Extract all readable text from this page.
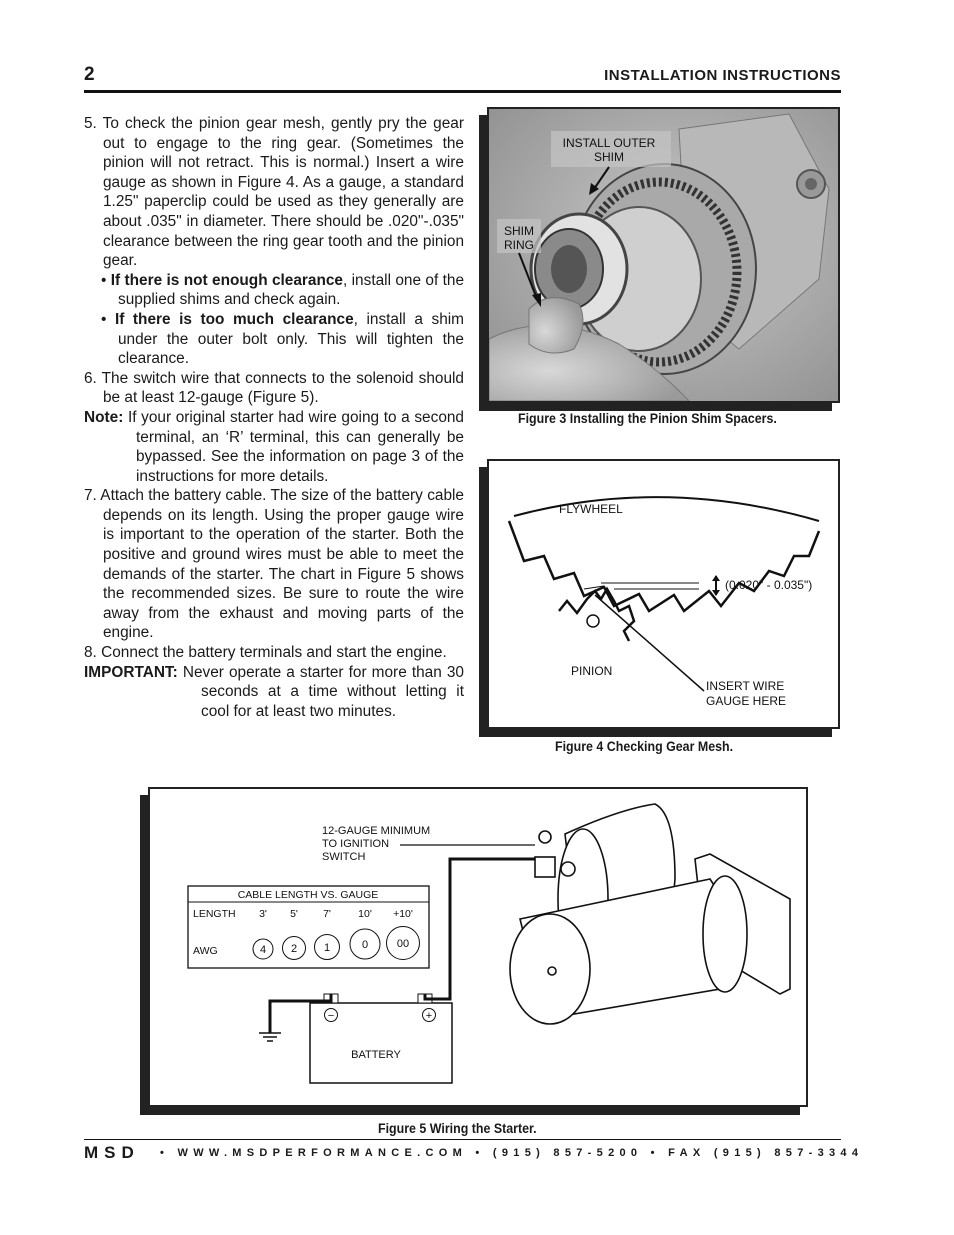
2	INSTALLATION INSTRUCTIONS

5. To check the pinion gear mesh, gently pry the gear out to engage to the ring gear. (Sometimes the pinion will not retract. This is normal.) Insert a wire gauge as shown in Figure 4. As a gauge, a standard 1.25" paperclip could be used as they generally are about .035" in diameter. There should be .020"-.035" clearance between the ring gear tooth and the pinion gear.

• If there is not enough clearance, install one of the supplied shims and check again.

• If there is too much clearance, install a shim under the outer bolt only. This will tighten the clearance.

6. The switch wire that connects to the solenoid should be at least 12-gauge (Figure 5).

Note: If your original starter had wire going to a second terminal, an ‘R’ terminal, this can generally be bypassed. See the information on page 3 of the instructions for more details.

7. Attach the battery cable. The size of the battery cable depends on its length. Using the proper gauge wire is important to the operation of the starter. Both the positive and ground wires must be able to meet the demands of the starter. The chart in Figure 5 shows the recommended sizes. Be sure to route the wire away from the exhaust and moving parts of the engine.

8. Connect the battery terminals and start the engine.

IMPORTANT: Never operate a starter for more than 30 seconds at a time without letting it cool for at least two minutes.

INSTALL OUTER
SHIM
SHIM
RING
Figure 3 Installing the Pinion Shim Spacers.
FLYWHEEL
(0.020" - 0.035")
PINION
INSERT WIRE
GAUGE HERE
Figure 4 Checking Gear Mesh.
12-GAUGE MINIMUM
TO IGNITION
SWITCH
CABLE LENGTH VS. GAUGE
LENGTH 3' 5' 7'	10' +10'
AWG	4 2 1	0	00
−	+
BATTERY
Figure 5 Wiring the Starter.
MSD • WWW.MSDPERFORMANCE.COM • (915) 857-5200 • FAX (915) 857-3344
